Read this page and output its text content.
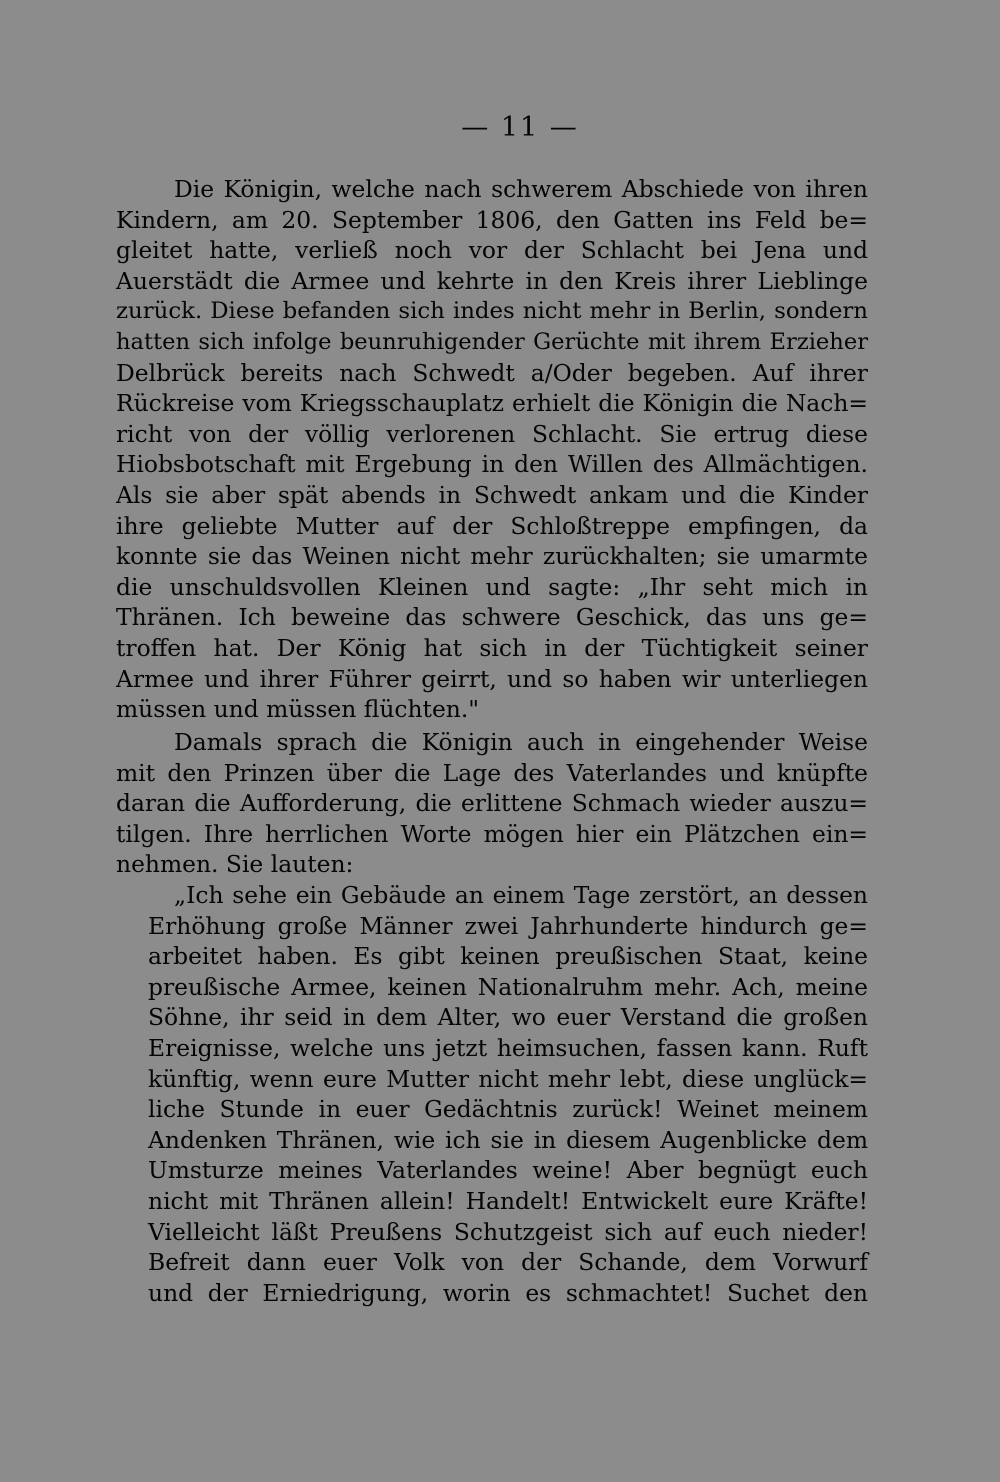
— 11 —
Die Königin, welche nach schwerem Abschiede von ihren
Kindern, am 20. September 1806, den Gatten ins Feld be=
gleitet hatte, verließ noch vor der Schlacht bei Jena und
Auerstädt die Armee und kehrte in den Kreis ihrer Lieblinge
zurück. Diese befanden sich indes nicht mehr in Berlin, sondern
hatten sich infolge beunruhigender Gerüchte mit ihrem Erzieher
Delbrück bereits nach Schwedt a/Oder begeben. Auf ihrer
Rückreise vom Kriegsschauplatz erhielt die Königin die Nach=
richt von der völlig verlorenen Schlacht. Sie ertrug diese
Hiobsbotschaft mit Ergebung in den Willen des Allmächtigen.
Als sie aber spät abends in Schwedt ankam und die Kinder
ihre geliebte Mutter auf der Schloßtreppe empfingen, da
konnte sie das Weinen nicht mehr zurückhalten; sie umarmte
die unschuldsvollen Kleinen und sagte: „Ihr seht mich in
Thränen. Ich beweine das schwere Geschick, das uns ge=
troffen hat. Der König hat sich in der Tüchtigkeit seiner
Armee und ihrer Führer geirrt, und so haben wir unterliegen
müssen und müssen flüchten."
Damals sprach die Königin auch in eingehender Weise
mit den Prinzen über die Lage des Vaterlandes und knüpfte
daran die Aufforderung, die erlittene Schmach wieder auszu=
tilgen. Ihre herrlichen Worte mögen hier ein Plätzchen ein=
nehmen. Sie lauten:
„Ich sehe ein Gebäude an einem Tage zerstört, an dessen
Erhöhung große Männer zwei Jahrhunderte hindurch ge=
arbeitet haben. Es gibt keinen preußischen Staat, keine
preußische Armee, keinen Nationalruhm mehr. Ach, meine
Söhne, ihr seid in dem Alter, wo euer Verstand die großen
Ereignisse, welche uns jetzt heimsuchen, fassen kann. Ruft
künftig, wenn eure Mutter nicht mehr lebt, diese unglück=
liche Stunde in euer Gedächtnis zurück! Weinet meinem
Andenken Thränen, wie ich sie in diesem Augenblicke dem
Umsturze meines Vaterlandes weine! Aber begnügt euch
nicht mit Thränen allein! Handelt! Entwickelt eure Kräfte!
Vielleicht läßt Preußens Schutzgeist sich auf euch nieder!
Befreit dann euer Volk von der Schande, dem Vorwurf
und der Erniedrigung, worin es schmachtet! Suchet den
